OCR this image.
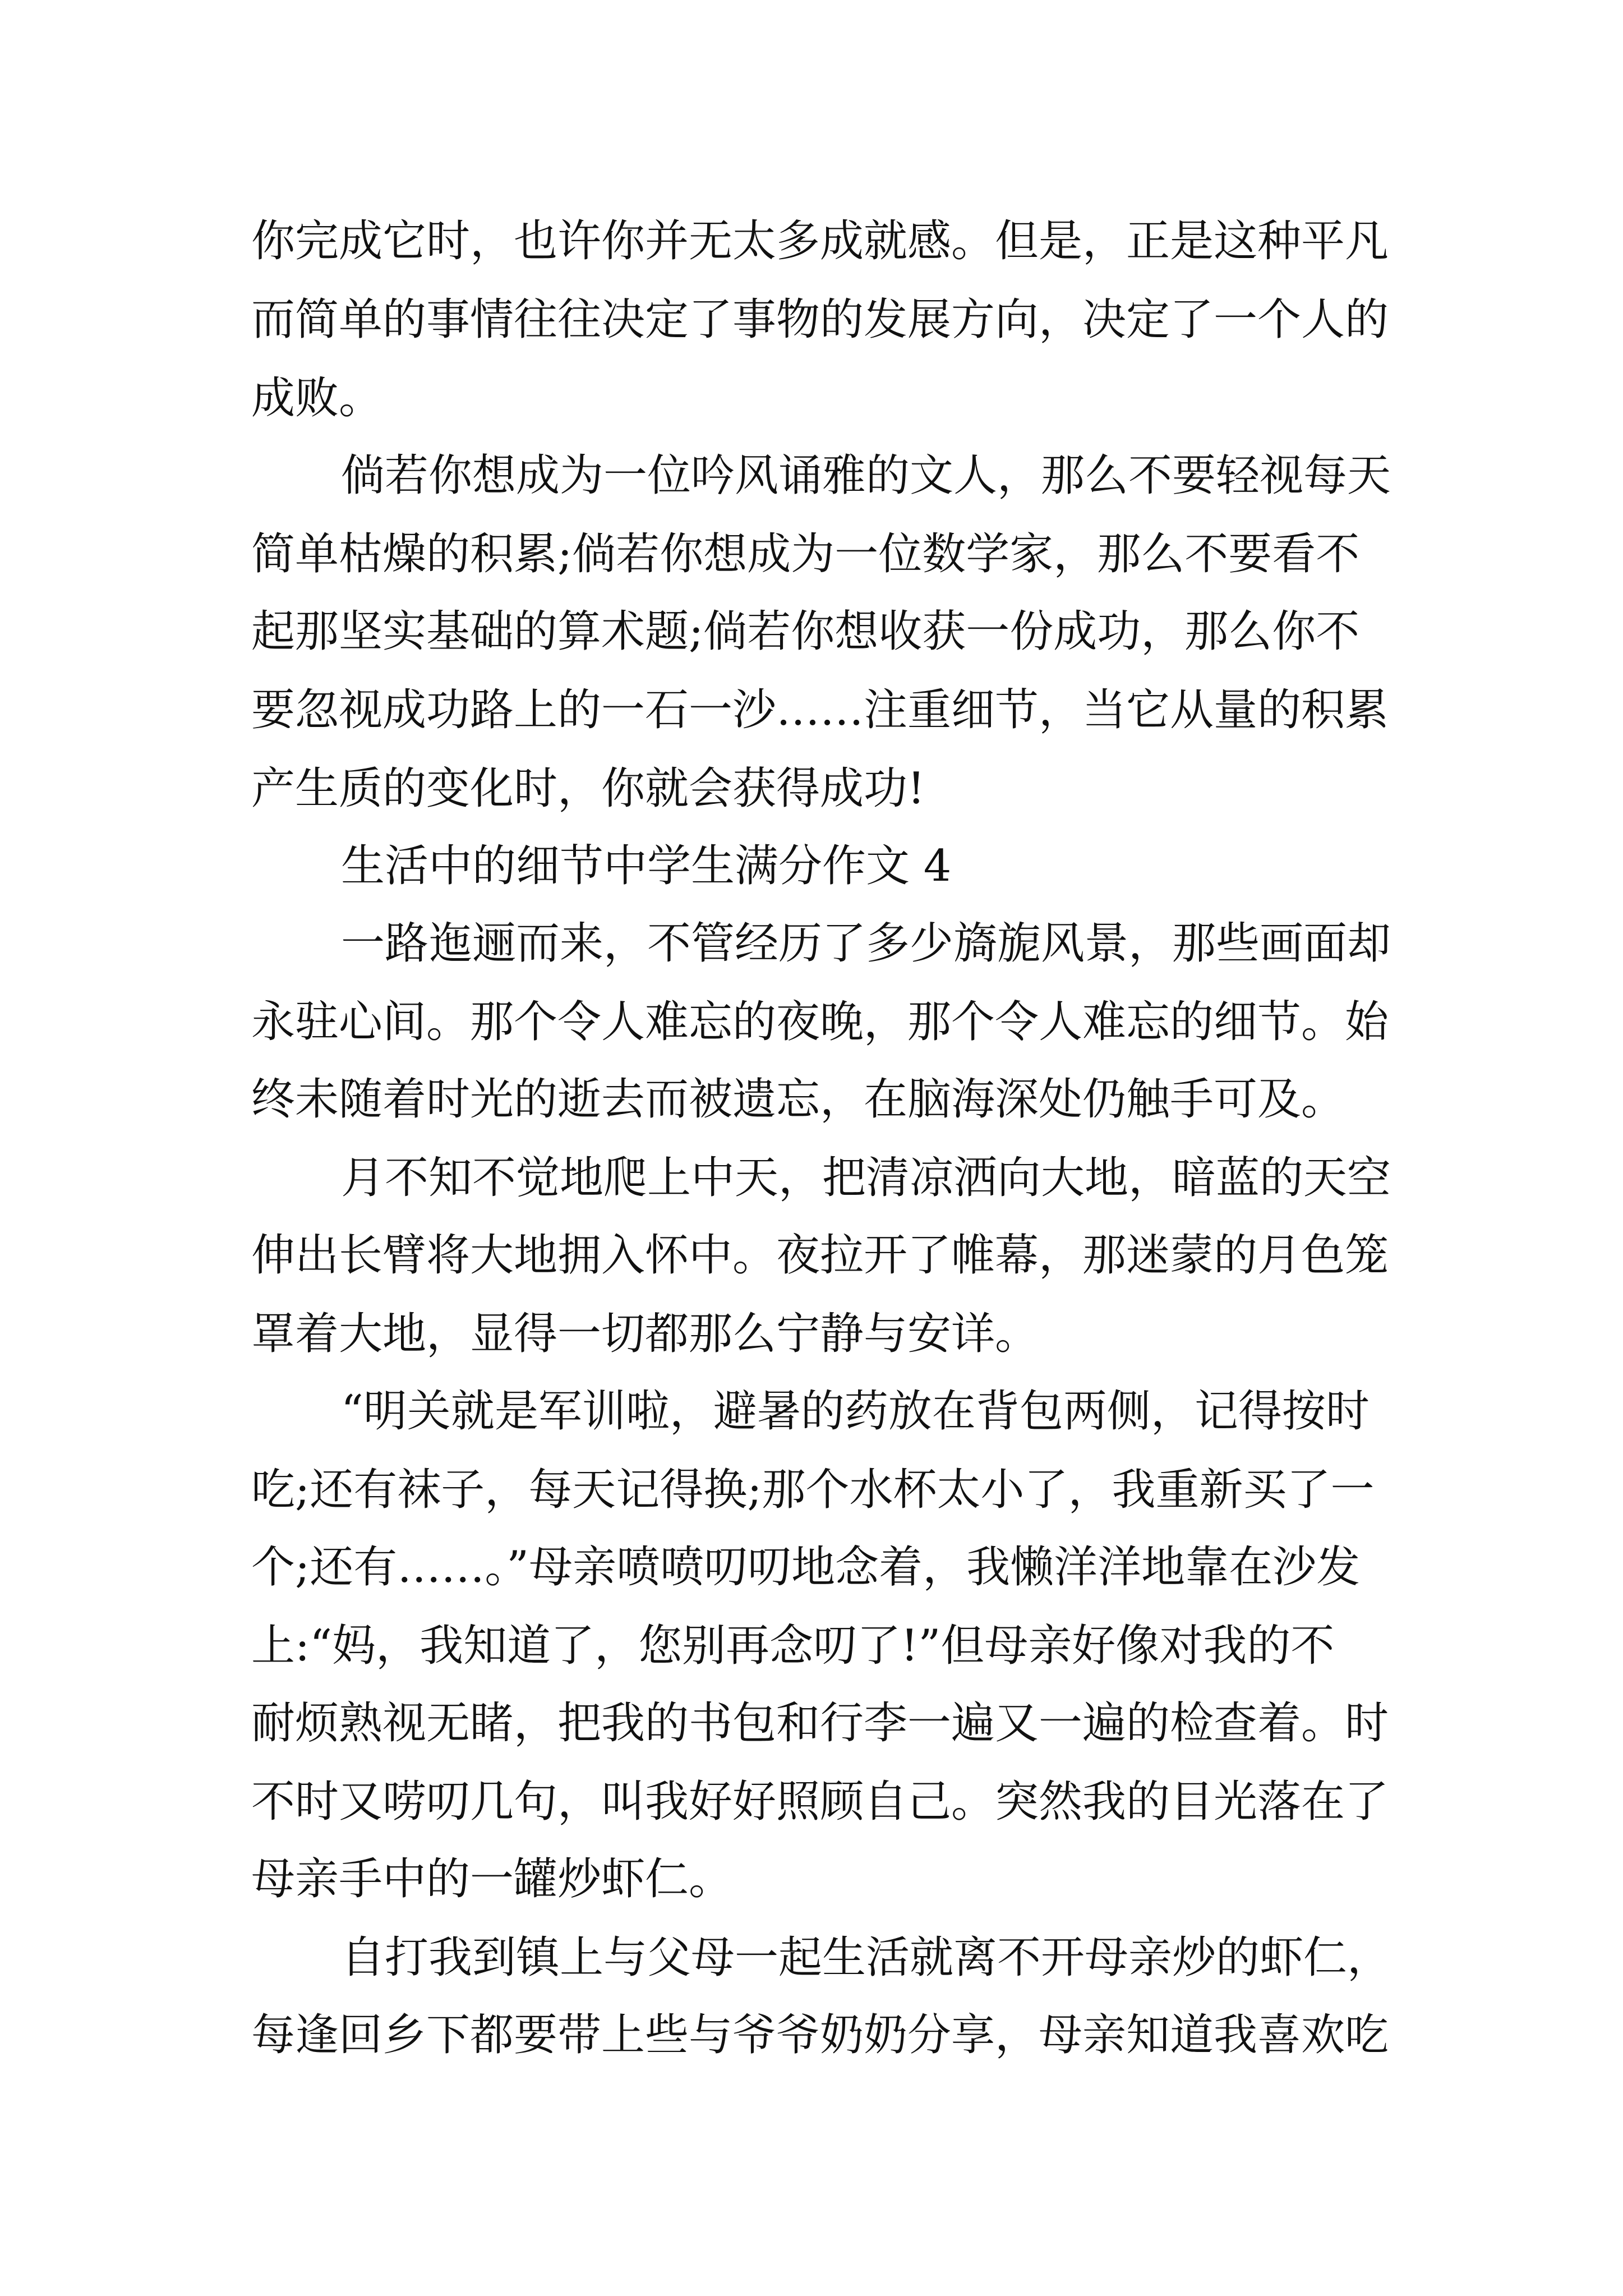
你完成它时，也许你并无太多成就感。但是，正是这种平凡
而简单的事情往往决定了事物的发展方向，决定了一个人的
成败。
倘若你想成为一位吟风诵雅的文人，那么不要轻视每天
简单枯燥的积累;倘若你想成为一位数学家，那么不要看不
起那坚实基础的算术题;倘若你想收获一份成功，那么你不
要忽视成功路上的一石一沙……注重细节，当它从量的积累
产生质的变化时，你就会获得成功!
生活中的细节中学生满分作文 4
一路迤逦而来，不管经历了多少旖旎风景，那些画面却
永驻心间。那个令人难忘的夜晚，那个令人难忘的细节。始
终未随着时光的逝去而被遗忘，在脑海深处仍触手可及。
月不知不觉地爬上中天，把清凉洒向大地，暗蓝的天空
伸出长臂将大地拥入怀中。夜拉开了帷幕，那迷蒙的月色笼
罩着大地，显得一切都那么宁静与安详。
“明关就是军训啦，避暑的药放在背包两侧，记得按时
吃;还有袜子，每天记得换;那个水杯太小了，我重新买了一
个;还有……。”母亲喷喷叨叨地念着，我懒洋洋地靠在沙发
上:“妈，我知道了，您别再念叨了!”但母亲好像对我的不
耐烦熟视无睹，把我的书包和行李一遍又一遍的检查着。时
不时又唠叨几句，叫我好好照顾自己。突然我的目光落在了
母亲手中的一罐炒虾仁。
自打我到镇上与父母一起生活就离不开母亲炒的虾仁，
每逢回乡下都要带上些与爷爷奶奶分享，母亲知道我喜欢吃
